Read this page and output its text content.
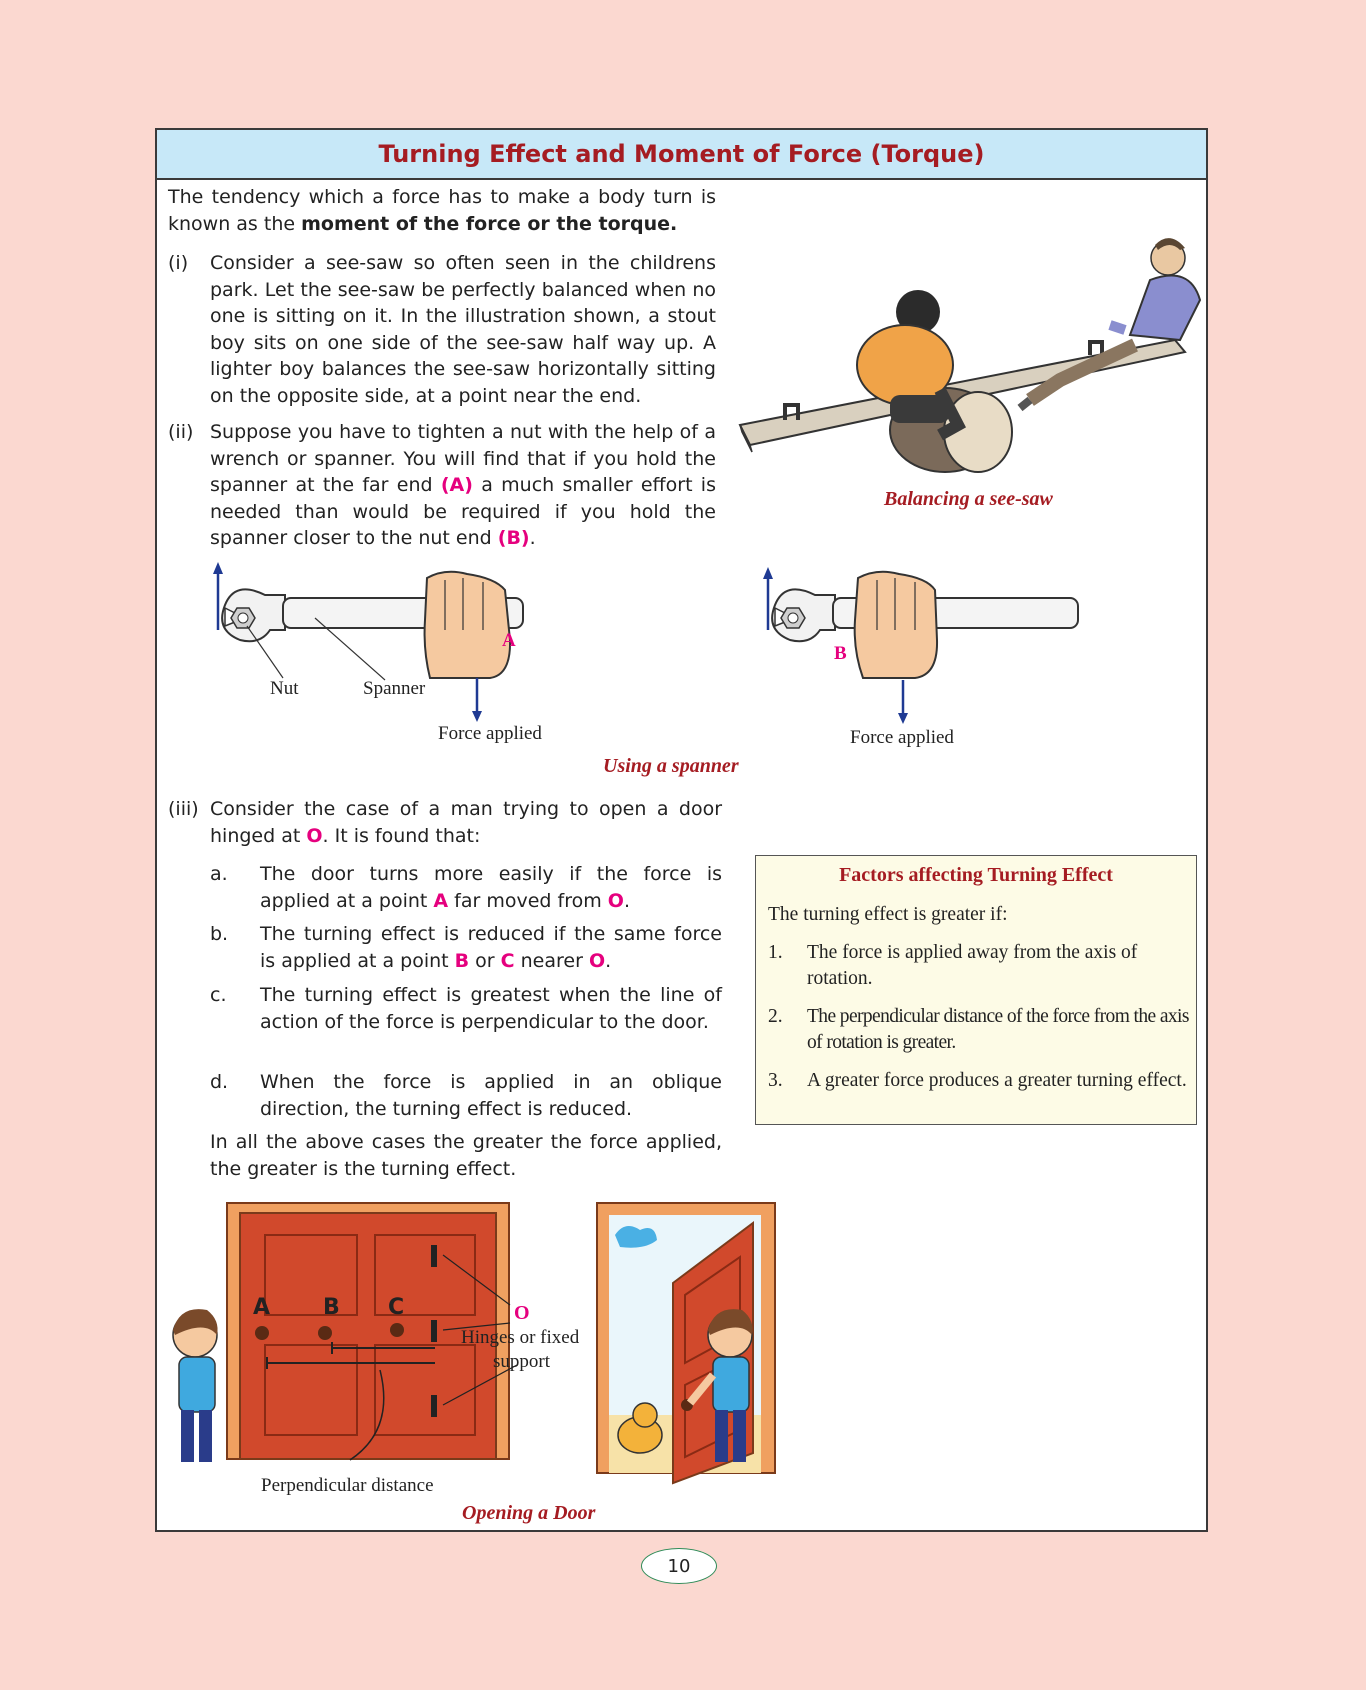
Turning Effect and Moment of Force (Torque)
The tendency which a force has to make a body turn is known as the moment of the force or the torque.
(i) Consider a see-saw so often seen in the childrens park. Let the see-saw be perfectly balanced when no one is sitting on it. In the illustration shown, a stout boy sits on one side of the see-saw half way up. A lighter boy balances the see-saw horizontally sitting on the opposite side, at a point near the end.
(ii) Suppose you have to tighten a nut with the help of a wrench or spanner. You will find that if you hold the spanner at the far end (A) a much smaller effort is needed than would be required if you hold the spanner closer to the nut end (B).
Balancing a see-saw
A
Nut	Spanner
Force applied
B
Force applied
Using a spanner
(iii) Consider the case of a man trying to open a door hinged at O. It is found that:
a. The door turns more easily if the force is applied at a point A far moved from O.
b. The turning effect is reduced if the same force is applied at a point B or C nearer O.
c. The turning effect is greatest when the line of action of the force is perpendicular to the door.
d. When the force is applied in an oblique direction, the turning effect is reduced.
In all the above cases the greater the force applied, the greater is the turning effect.
Factors affecting Turning Effect
The turning effect is greater if:
1. The force is applied away from the axis of rotation.
2. The perpendicular distance of the force from the axis of rotation is greater.
3. A greater force produces a greater turning effect.
A B C	O
Hinges or fixed
support
Perpendicular distance
Opening a Door
10
